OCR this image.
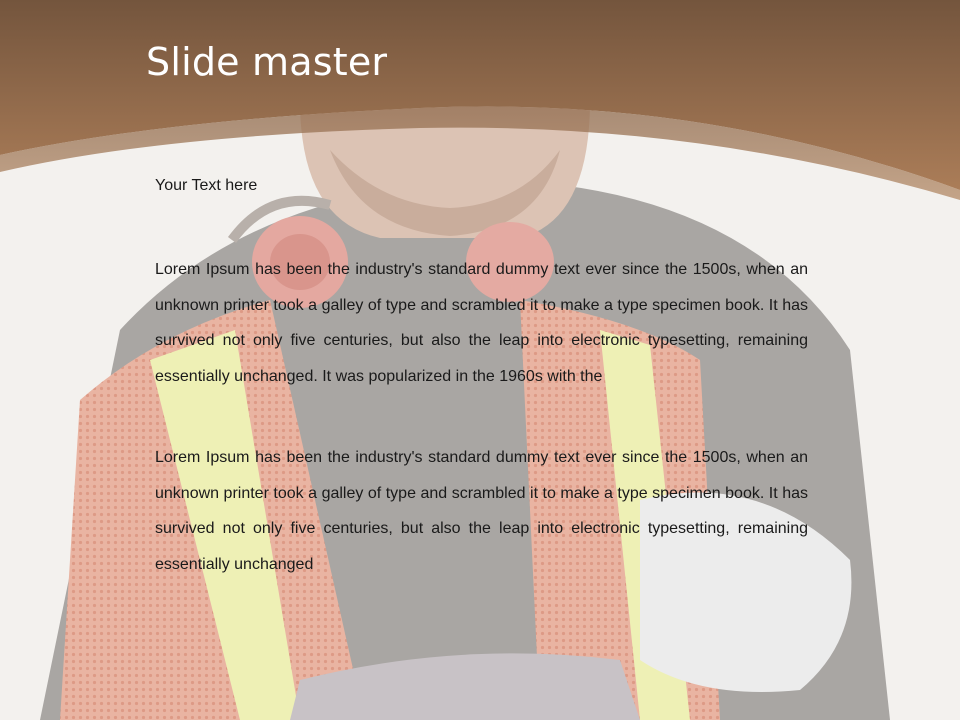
Slide master

Your Text here

Lorem Ipsum has been the industry's standard dummy text ever since the 1500s, when an unknown printer took a galley of type and scrambled it to make a type specimen book. It has survived not only five centuries, but also the leap into electronic typesetting, remaining essentially unchanged. It was popularized in the 1960s with the

Lorem Ipsum has been the industry's standard dummy text ever since the 1500s, when an unknown printer took a galley of type and scrambled it to make a type specimen book. It has survived not only five centuries, but also the leap into electronic typesetting, remaining essentially unchanged
